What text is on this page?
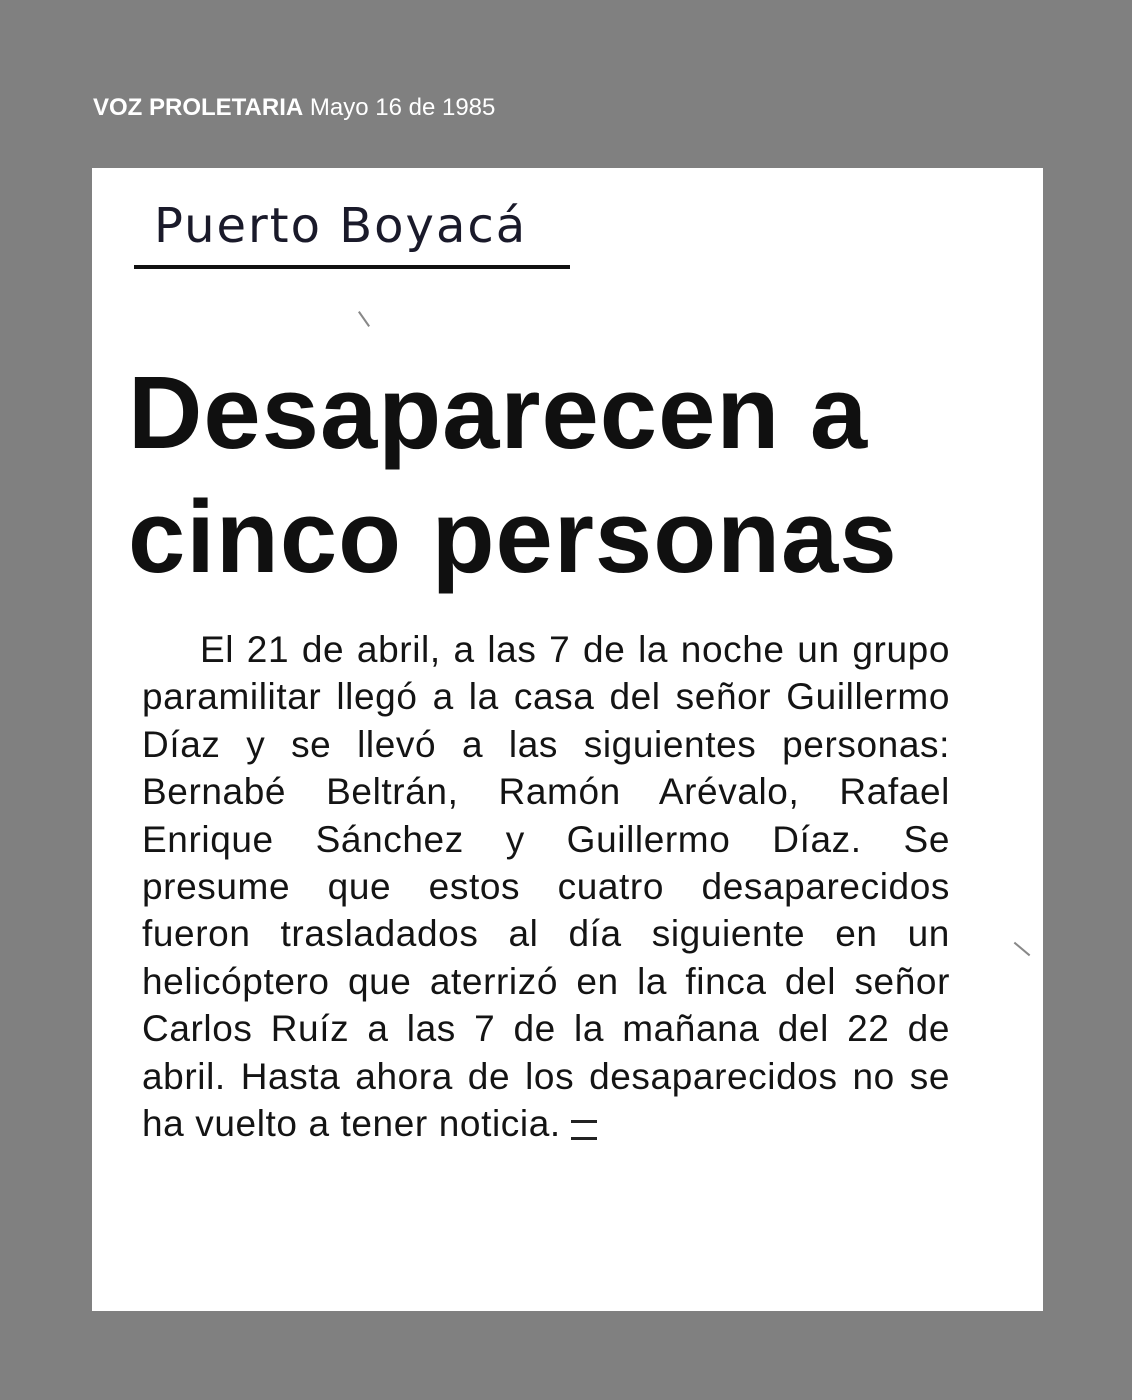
VOZ PROLETARIA Mayo 16 de 1985
Puerto Boyacá
Desaparecen a
cinco personas

El 21 de abril, a las 7 de la noche un grupo paramilitar llegó a la casa del señor Guillermo Díaz y se llevó a las siguientes personas: Bernabé Beltrán, Ramón Arévalo, Rafael Enrique Sánchez y Guillermo Díaz. Se presume que estos cuatro desaparecidos fueron trasladados al día siguiente en un helicóptero que aterrizó en la finca del señor Carlos Ruíz a las 7 de la mañana del 22 de abril. Hasta ahora de los desaparecidos no se ha vuelto a tener noticia.
